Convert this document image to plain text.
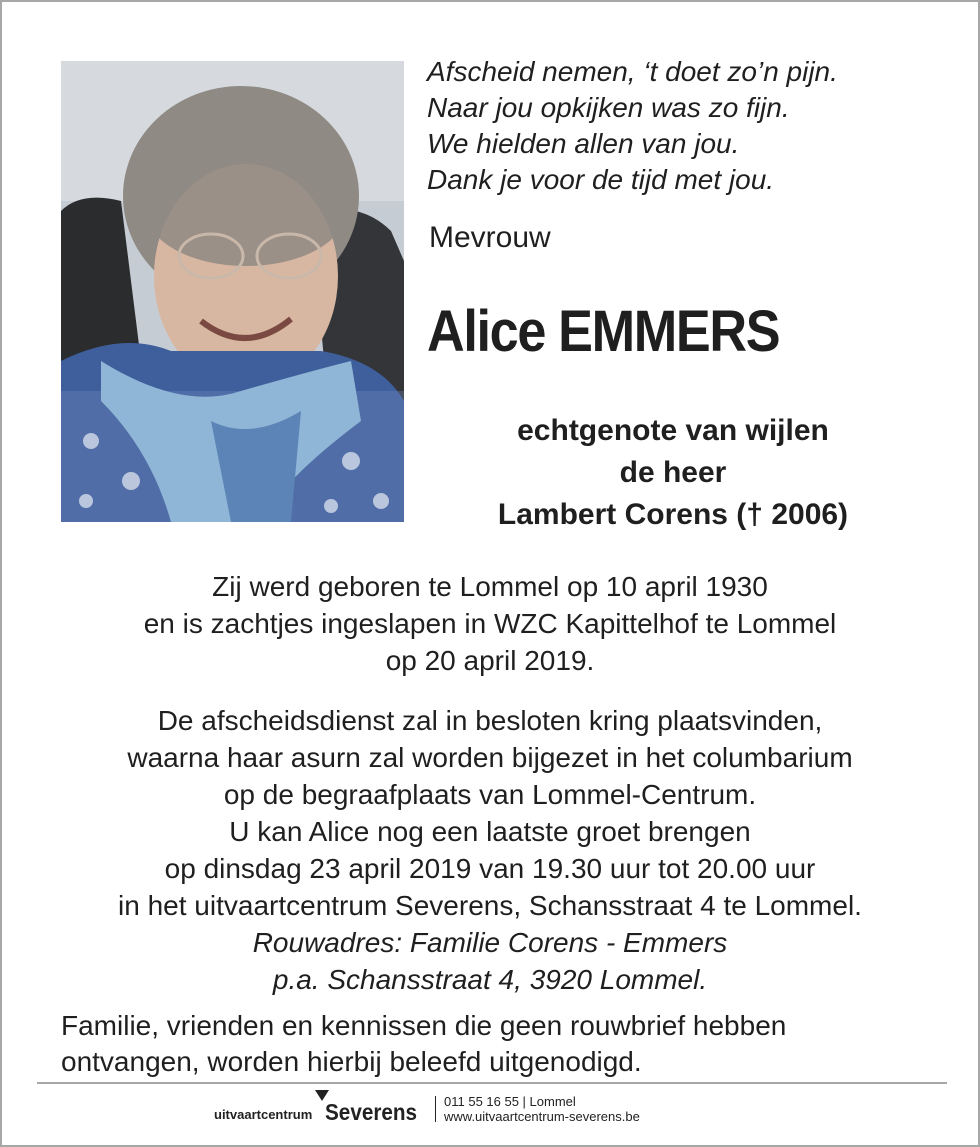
Afscheid nemen, ‘t doet zo’n pijn.
Naar jou opkijken was zo fijn.
We hielden allen van jou.
Dank je voor de tijd met jou.
Mevrouw
Alice EMMERS
echtgenote van wijlen
de heer
Lambert Corens († 2006)
Zij werd geboren te Lommel op 10 april 1930
en is zachtjes ingeslapen in WZC Kapittelhof te Lommel
op 20 april 2019.
De afscheidsdienst zal in besloten kring plaatsvinden,
waarna haar asurn zal worden bijgezet in het columbarium
op de begraafplaats van Lommel-Centrum.
U kan Alice nog een laatste groet brengen
op dinsdag 23 april 2019 van 19.30 uur tot 20.00 uur
in het uitvaartcentrum Severens, Schansstraat 4 te Lommel.
Rouwadres: Familie Corens - Emmers
p.a. Schansstraat 4, 3920 Lommel.
Familie, vrienden en kennissen die geen rouwbrief hebben
ontvangen, worden hierbij beleefd uitgenodigd.
uitvaartcentrum Severens 011 55 16 55 | Lommel
www.uitvaartcentrum-severens.be
